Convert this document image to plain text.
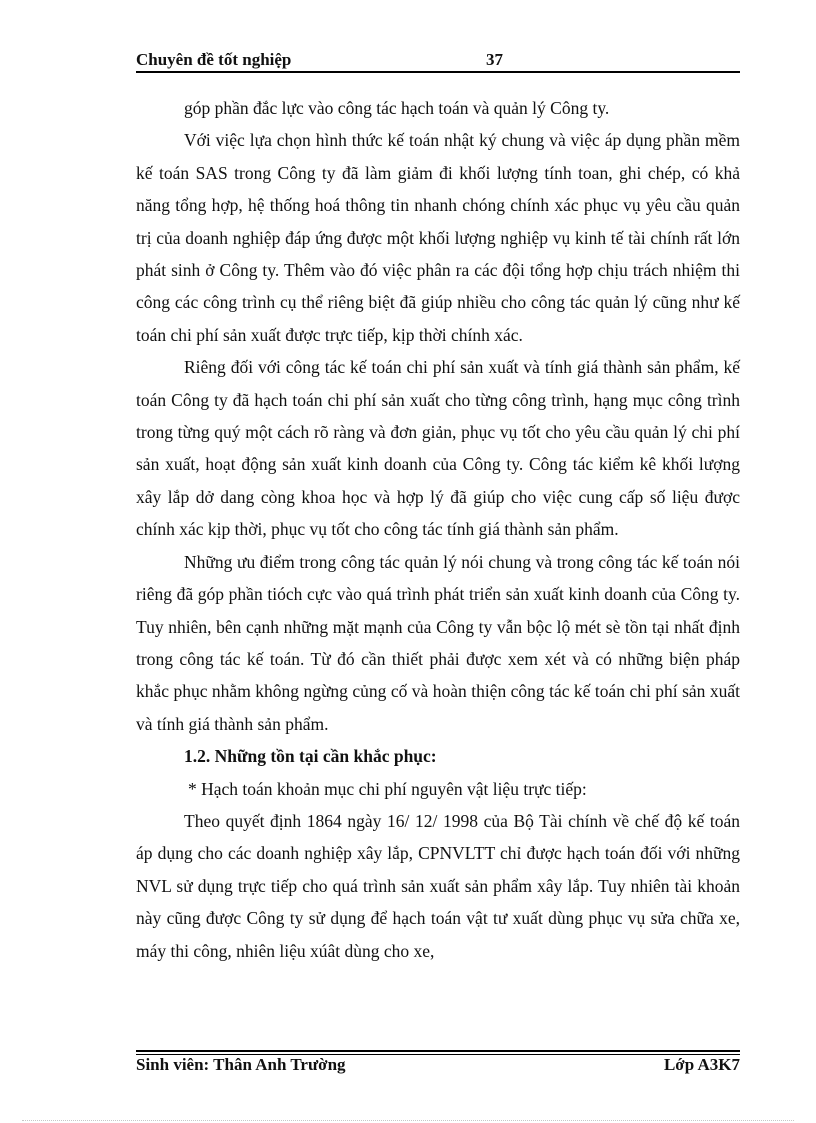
Chuyên đề tốt nghiệp	37

góp phần đắc lực vào công tác hạch toán và quản lý Công ty.

Với việc lựa chọn hình thức kế toán nhật ký chung và việc áp dụng phần mềm kế toán SAS trong Công ty đã làm giảm đi khối lượng tính toan, ghi chép, có khả năng tổng hợp, hệ thống hoá thông tin nhanh chóng chính xác phục vụ yêu cầu quản trị của doanh nghiệp đáp ứng được một khối lượng nghiệp vụ kinh tế tài chính rất lớn phát sinh ở Công ty. Thêm vào đó việc phân ra các đội tổng hợp chịu trách nhiệm thi công các công trình cụ thể riêng biệt đã giúp nhiều cho công tác quản lý cũng như kế toán chi phí sản xuất được trực tiếp, kịp thời chính xác.

Riêng đối với công tác kế toán chi phí sản xuất và tính giá thành sản phẩm, kế toán Công ty đã hạch toán chi phí sản xuất cho từng công trình, hạng mục công trình trong từng quý một cách rõ ràng và đơn giản, phục vụ tốt cho yêu cầu quản lý chi phí sản xuất, hoạt động sản xuất kinh doanh của Công ty. Công tác kiểm kê khối lượng xây lắp dở dang còng khoa học và hợp lý đã giúp cho việc cung cấp số liệu được chính xác kịp thời, phục vụ tốt cho công tác tính giá thành sản phẩm.

Những ưu điểm trong công tác quản lý nói chung và trong công tác kế toán nói riêng đã góp phần tióch cực vào quá trình phát triển sản xuất kinh doanh của Công ty. Tuy nhiên, bên cạnh những mặt mạnh của Công ty vẫn bộc lộ mét sè tồn tại nhất định trong công tác kế toán. Từ đó cần thiết phải được xem xét và có những biện pháp khắc phục nhằm không ngừng củng cố và hoàn thiện công tác kế toán chi phí sản xuất và tính giá thành sản phẩm.

1.2. Những tồn tại cần khắc phục:

* Hạch toán khoản mục chi phí nguyên vật liệu trực tiếp:

Theo quyết định 1864 ngày 16/ 12/ 1998 của Bộ Tài chính về chế độ kế toán áp dụng cho các doanh nghiệp xây lắp, CPNVLTT chỉ được hạch toán đối với những NVL sử dụng trực tiếp cho quá trình sản xuất sản phẩm xây lắp. Tuy nhiên tài khoản này cũng được Công ty sử dụng để hạch toán vật tư xuất dùng phục vụ sửa chữa xe, máy thi công, nhiên liệu xúât dùng cho xe,

Sinh viên: Thân Anh Trường	Lớp A3K7
